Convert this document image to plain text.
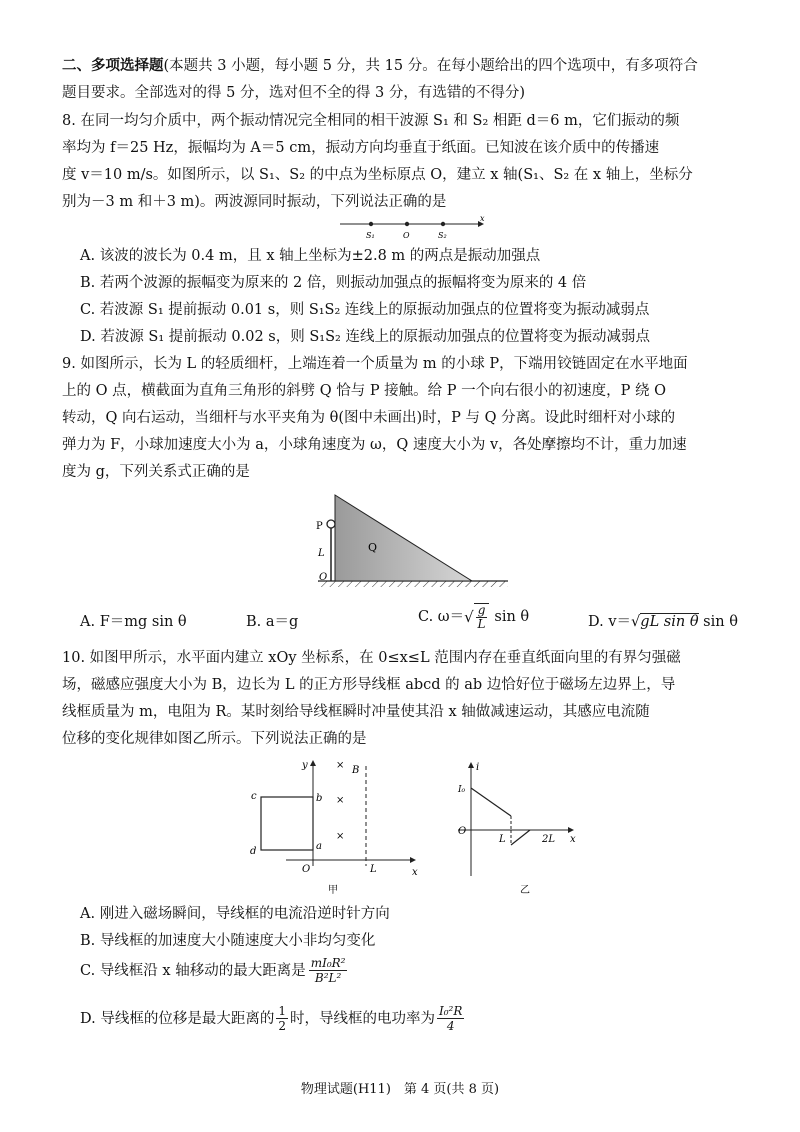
二、多项选择题(本题共 3 小题，每小题 5 分，共 15 分。在每小题给出的四个选项中，有多项符合
题目要求。全部选对的得 5 分，选对但不全的得 3 分，有选错的不得分)
8. 在同一均匀介质中，两个振动情况完全相同的相干波源 S₁ 和 S₂ 相距 d＝6 m，它们振动的频
率均为 f＝25 Hz，振幅均为 A＝5 cm，振动方向均垂直于纸面。已知波在该介质中的传播速
度 v＝10 m/s。如图所示，以 S₁、S₂ 的中点为坐标原点 O，建立 x 轴(S₁、S₂ 在 x 轴上，坐标分
别为－3 m 和＋3 m)。两波源同时振动，下列说法正确的是
S₁	O	S₂
x
P
L
O
Q
y
x
b
a
c
d
O
B
L
×
×
×
甲
i
I₀
O
L	2L x
乙
A. 该波的波长为 0.4 m，且 x 轴上坐标为±2.8 m 的两点是振动加强点
B. 若两个波源的振幅变为原来的 2 倍，则振动加强点的振幅将变为原来的 4 倍
C. 若波源 S₁ 提前振动 0.01 s，则 S₁S₂ 连线上的原振动加强点的位置将变为振动减弱点
D. 若波源 S₁ 提前振动 0.02 s，则 S₁S₂ 连线上的原振动加强点的位置将变为振动减弱点
9. 如图所示，长为 L 的轻质细杆，上端连着一个质量为 m 的小球 P，下端用铰链固定在水平地面
上的 O 点，横截面为直角三角形的斜劈 Q 恰与 P 接触。给 P 一个向右很小的初速度，P 绕 O
转动，Q 向右运动，当细杆与水平夹角为 θ(图中未画出)时，P 与 Q 分离。设此时细杆对小球的
弹力为 F，小球加速度大小为 a，小球角速度为 ω，Q 速度大小为 v，各处摩擦均不计，重力加速
度为 g，下列关系式正确的是
A. F＝mg sin θ	B. a＝g	C. ω＝ √ $\frac{g}{L}$ sin θ	D. v＝√gL sin θ sin θ
10. 如图甲所示，水平面内建立 xOy 坐标系，在 0≤x≤L 范围内存在垂直纸面向里的有界匀强磁
场，磁感应强度大小为 B，边长为 L 的正方形导线框 abcd 的 ab 边恰好位于磁场左边界上，导
线框质量为 m，电阻为 R。某时刻给导线框瞬时冲量使其沿 x 轴做减速运动，其感应电流随
位移的变化规律如图乙所示。下列说法正确的是
A. 刚进入磁场瞬间，导线框的电流沿逆时针方向
B. 导线框的加速度大小随速度大小非均匀变化
C. 导线框沿 x 轴移动的最大距离是 $\frac{\text{mI₀R²}}{\text{B²L²}}$
D. 导线框的位移是最大距离的 $\frac{1}{2}$ 时，导线框的电功率为 $\frac{\text{I₀²R}}{4}$
物理试题(H11)　第 4 页(共 8 页)
